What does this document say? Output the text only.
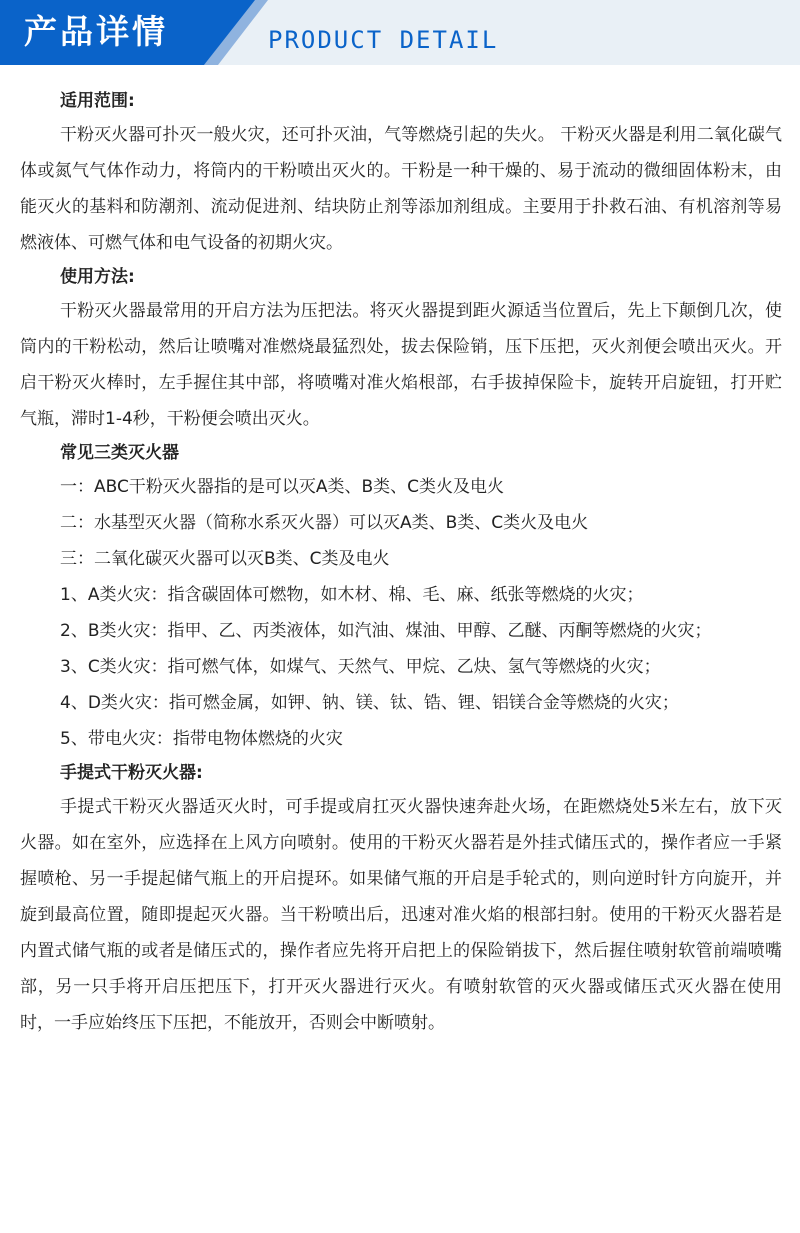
产品详情	PRODUCT DETAIL

适用范围:

干粉灭火器可扑灭一般火灾，还可扑灭油，气等燃烧引起的失火。 干粉灭火器是利用二氧化碳气体或氮气气体作动力，将筒内的干粉喷出灭火的。干粉是一种干燥的、易于流动的微细固体粉末，由能灭火的基料和防潮剂、流动促进剂、结块防止剂等添加剂组成。主要用于扑救石油、有机溶剂等易燃液体、可燃气体和电气设备的初期火灾。

使用方法:

干粉灭火器最常用的开启方法为压把法。将灭火器提到距火源适当位置后，先上下颠倒几次，使筒内的干粉松动，然后让喷嘴对准燃烧最猛烈处，拔去保险销，压下压把，灭火剂便会喷出灭火。开启干粉灭火棒时，左手握住其中部，将喷嘴对准火焰根部，右手拔掉保险卡，旋转开启旋钮，打开贮气瓶，滞时1-4秒，干粉便会喷出灭火。

常见三类灭火器

一：ABC干粉灭火器指的是可以灭A类、B类、C类火及电火

二：水基型灭火器（简称水系灭火器）可以灭A类、B类、C类火及电火

三：二氧化碳灭火器可以灭B类、C类及电火

1、A类火灾：指含碳固体可燃物，如木材、棉、毛、麻、纸张等燃烧的火灾；

2、B类火灾：指甲、乙、丙类液体，如汽油、煤油、甲醇、乙醚、丙酮等燃烧的火灾；

3、C类火灾：指可燃气体，如煤气、天然气、甲烷、乙炔、氢气等燃烧的火灾；

4、D类火灾：指可燃金属，如钾、钠、镁、钛、锆、锂、铝镁合金等燃烧的火灾；

5、带电火灾：指带电物体燃烧的火灾

手提式干粉灭火器:

手提式干粉灭火器适灭火时，可手提或肩扛灭火器快速奔赴火场，在距燃烧处5米左右，放下灭火器。如在室外，应选择在上风方向喷射。使用的干粉灭火器若是外挂式储压式的，操作者应一手紧握喷枪、另一手提起储气瓶上的开启提环。如果储气瓶的开启是手轮式的，则向逆时针方向旋开，并旋到最高位置，随即提起灭火器。当干粉喷出后，迅速对准火焰的根部扫射。使用的干粉灭火器若是内置式储气瓶的或者是储压式的，操作者应先将开启把上的保险销拔下，然后握住喷射软管前端喷嘴部，另一只手将开启压把压下，打开灭火器进行灭火。有喷射软管的灭火器或储压式灭火器在使用时，一手应始终压下压把，不能放开，否则会中断喷射。
